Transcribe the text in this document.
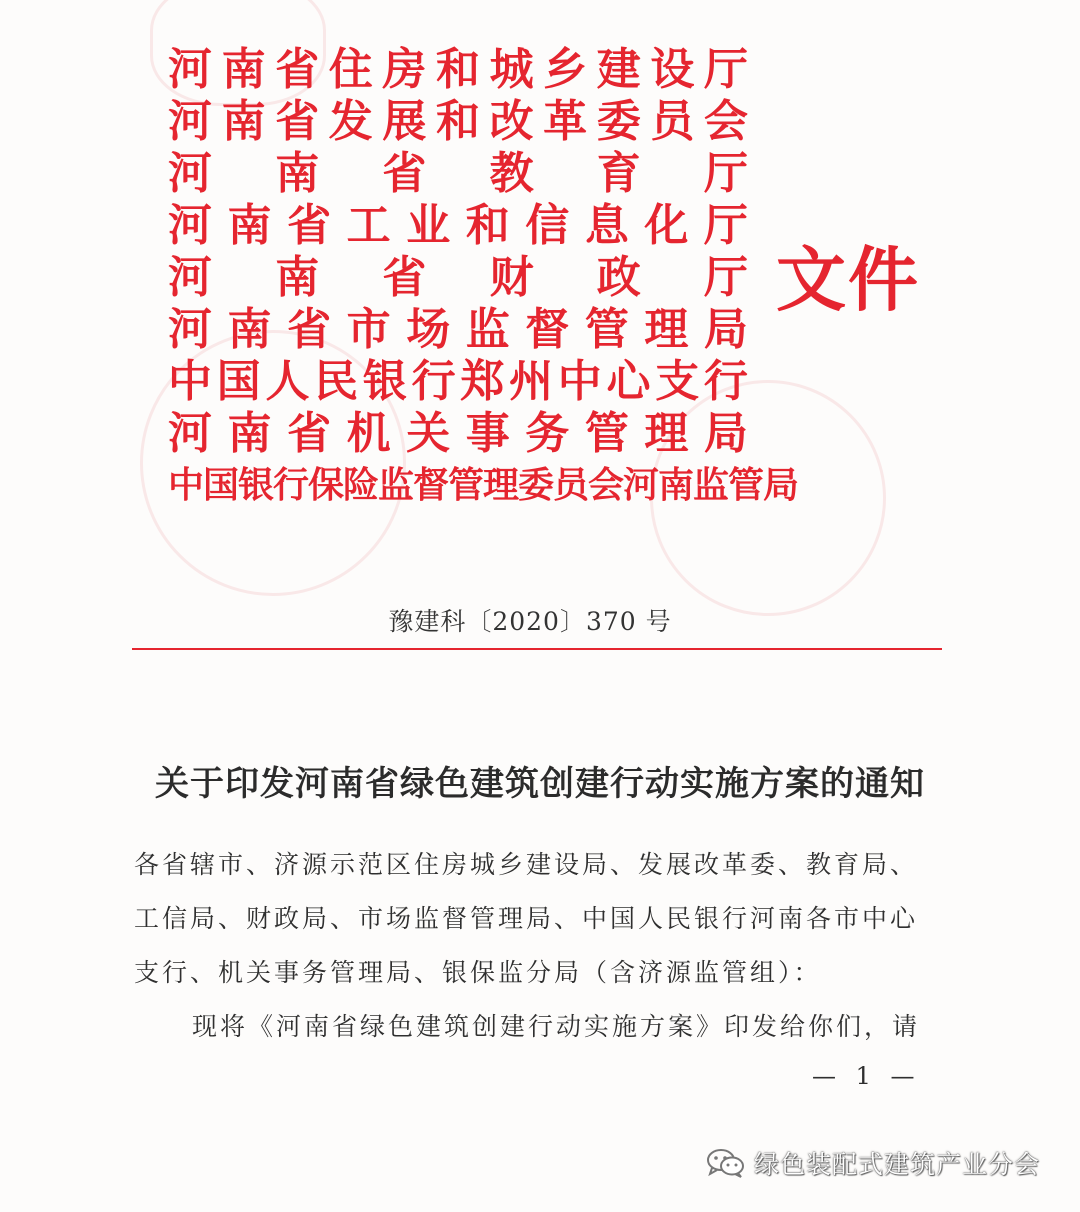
河 南 省 住 房 和 城 乡 建 设 厅
河 南 省 发 展 和 改 革 委 员 会
河 南 省 教 育 厅
河 南 省 工 业 和 信 息 化 厅
河 南 省 财 政 厅
河 南 省 市 场 监 督 管 理 局
中 国 人 民 银 行 郑 州 中 心 支 行
河 南 省 机 关 事 务 管 理 局
中国银行保险监督管理委员会河南监管局
文件
豫建科〔2020〕370 号
关于印发河南省绿色建筑创建行动实施方案的通知

各省辖市、济源示范区住房城乡建设局、发展改革委、教育局、工信局、财政局、市场监督管理局、中国人民银行河南各市中心支行、机关事务管理局、银保监分局（含济源监管组）：

现将《河南省绿色建筑创建行动实施方案》印发给你们，请

— 1 —
绿色装配式建筑产业分会
